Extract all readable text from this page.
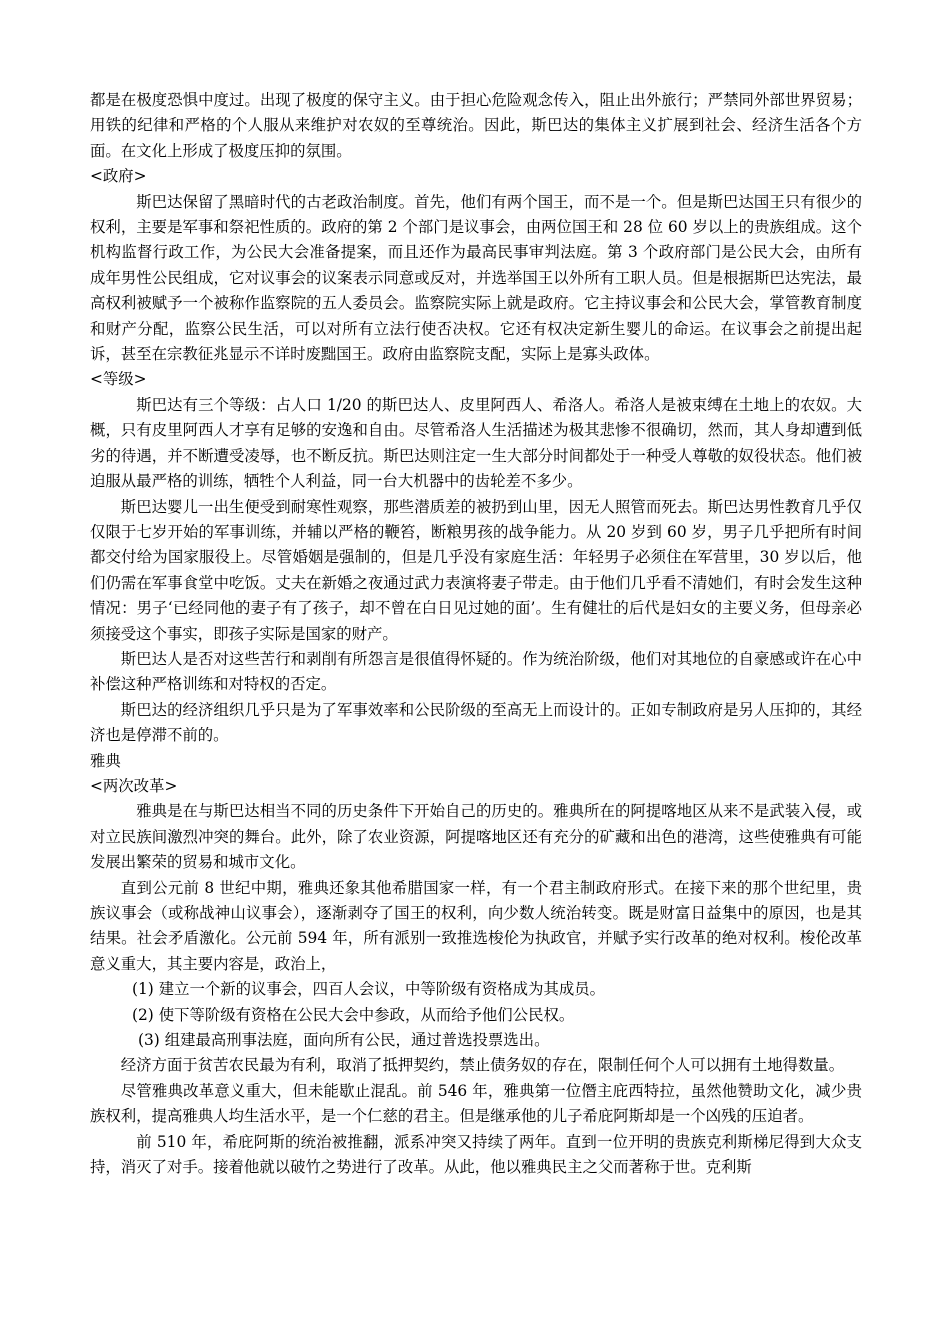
都是在极度恐惧中度过。出现了极度的保守主义。由于担心危险观念传入，阻止出外旅行；严禁同外部世界贸易；用铁的纪律和严格的个人服从来维护对农奴的至尊统治。因此，斯巴达的集体主义扩展到社会、经济生活各个方面。在文化上形成了极度压抑的氛围。

<政府>

斯巴达保留了黑暗时代的古老政治制度。首先，他们有两个国王，而不是一个。但是斯巴达国王只有很少的权利，主要是军事和祭祀性质的。政府的第 2 个部门是议事会，由两位国王和 28 位 60 岁以上的贵族组成。这个机构监督行政工作，为公民大会准备提案，而且还作为最高民事审判法庭。第 3 个政府部门是公民大会，由所有成年男性公民组成，它对议事会的议案表示同意或反对，并选举国王以外所有工职人员。但是根据斯巴达宪法，最高权利被赋予一个被称作监察院的五人委员会。监察院实际上就是政府。它主持议事会和公民大会，掌管教育制度和财产分配，监察公民生活，可以对所有立法行使否决权。它还有权决定新生婴儿的命运。在议事会之前提出起诉，甚至在宗教征兆显示不详时废黜国王。政府由监察院支配，实际上是寡头政体。

<等级>

斯巴达有三个等级：占人口 1/20 的斯巴达人、皮里阿西人、希洛人。希洛人是被束缚在土地上的农奴。大概，只有皮里阿西人才享有足够的安逸和自由。尽管希洛人生活描述为极其悲惨不很确切，然而，其人身却遭到低劣的待遇，并不断遭受凌辱，也不断反抗。斯巴达则注定一生大部分时间都处于一种受人尊敬的奴役状态。他们被迫服从最严格的训练，牺牲个人利益，同一台大机器中的齿轮差不多少。

斯巴达婴儿一出生便受到耐寒性观察，那些潜质差的被扔到山里，因无人照管而死去。斯巴达男性教育几乎仅仅限于七岁开始的军事训练，并辅以严格的鞭笞，断粮男孩的战争能力。从 20 岁到 60 岁，男子几乎把所有时间都交付给为国家服役上。尽管婚姻是强制的，但是几乎没有家庭生活：年轻男子必须住在军营里，30 岁以后，他们仍需在军事食堂中吃饭。丈夫在新婚之夜通过武力表演将妻子带走。由于他们几乎看不清她们，有时会发生这种情况：男子‘已经同他的妻子有了孩子，却不曾在白日见过她的面’。生有健壮的后代是妇女的主要义务，但母亲必须接受这个事实，即孩子实际是国家的财产。

斯巴达人是否对这些苦行和剥削有所怨言是很值得怀疑的。作为统治阶级，他们对其地位的自豪感或许在心中补偿这种严格训练和对特权的否定。

斯巴达的经济组织几乎只是为了军事效率和公民阶级的至高无上而设计的。正如专制政府是另人压抑的，其经济也是停滞不前的。

雅典

<两次改革>

雅典是在与斯巴达相当不同的历史条件下开始自己的历史的。雅典所在的阿提喀地区从来不是武装入侵，或对立民族间激烈冲突的舞台。此外，除了农业资源，阿提喀地区还有充分的矿藏和出色的港湾，这些使雅典有可能发展出繁荣的贸易和城市文化。

直到公元前 8 世纪中期，雅典还象其他希腊国家一样，有一个君主制政府形式。在接下来的那个世纪里，贵族议事会（或称战神山议事会），逐渐剥夺了国王的权利，向少数人统治转变。既是财富日益集中的原因，也是其结果。社会矛盾激化。公元前 594 年，所有派别一致推选梭伦为执政官，并赋予实行改革的绝对权利。梭伦改革意义重大，其主要内容是，政治上，

(1) 建立一个新的议事会，四百人会议，中等阶级有资格成为其成员。

(2) 使下等阶级有资格在公民大会中参政，从而给予他们公民权。

(3) 组建最高刑事法庭，面向所有公民，通过普选投票选出。

经济方面于贫苦农民最为有利，取消了抵押契约，禁止债务奴的存在，限制任何个人可以拥有土地得数量。

尽管雅典改革意义重大，但未能歇止混乱。前 546 年，雅典第一位僭主庇西特拉，虽然他赞助文化，减少贵族权利，提高雅典人均生活水平，是一个仁慈的君主。但是继承他的儿子希庇阿斯却是一个凶残的压迫者。

前 510 年，希庇阿斯的统治被推翻，派系冲突又持续了两年。直到一位开明的贵族克利斯梯尼得到大众支持，消灭了对手。接着他就以破竹之势进行了改革。从此，他以雅典民主之父而著称于世。克利斯
